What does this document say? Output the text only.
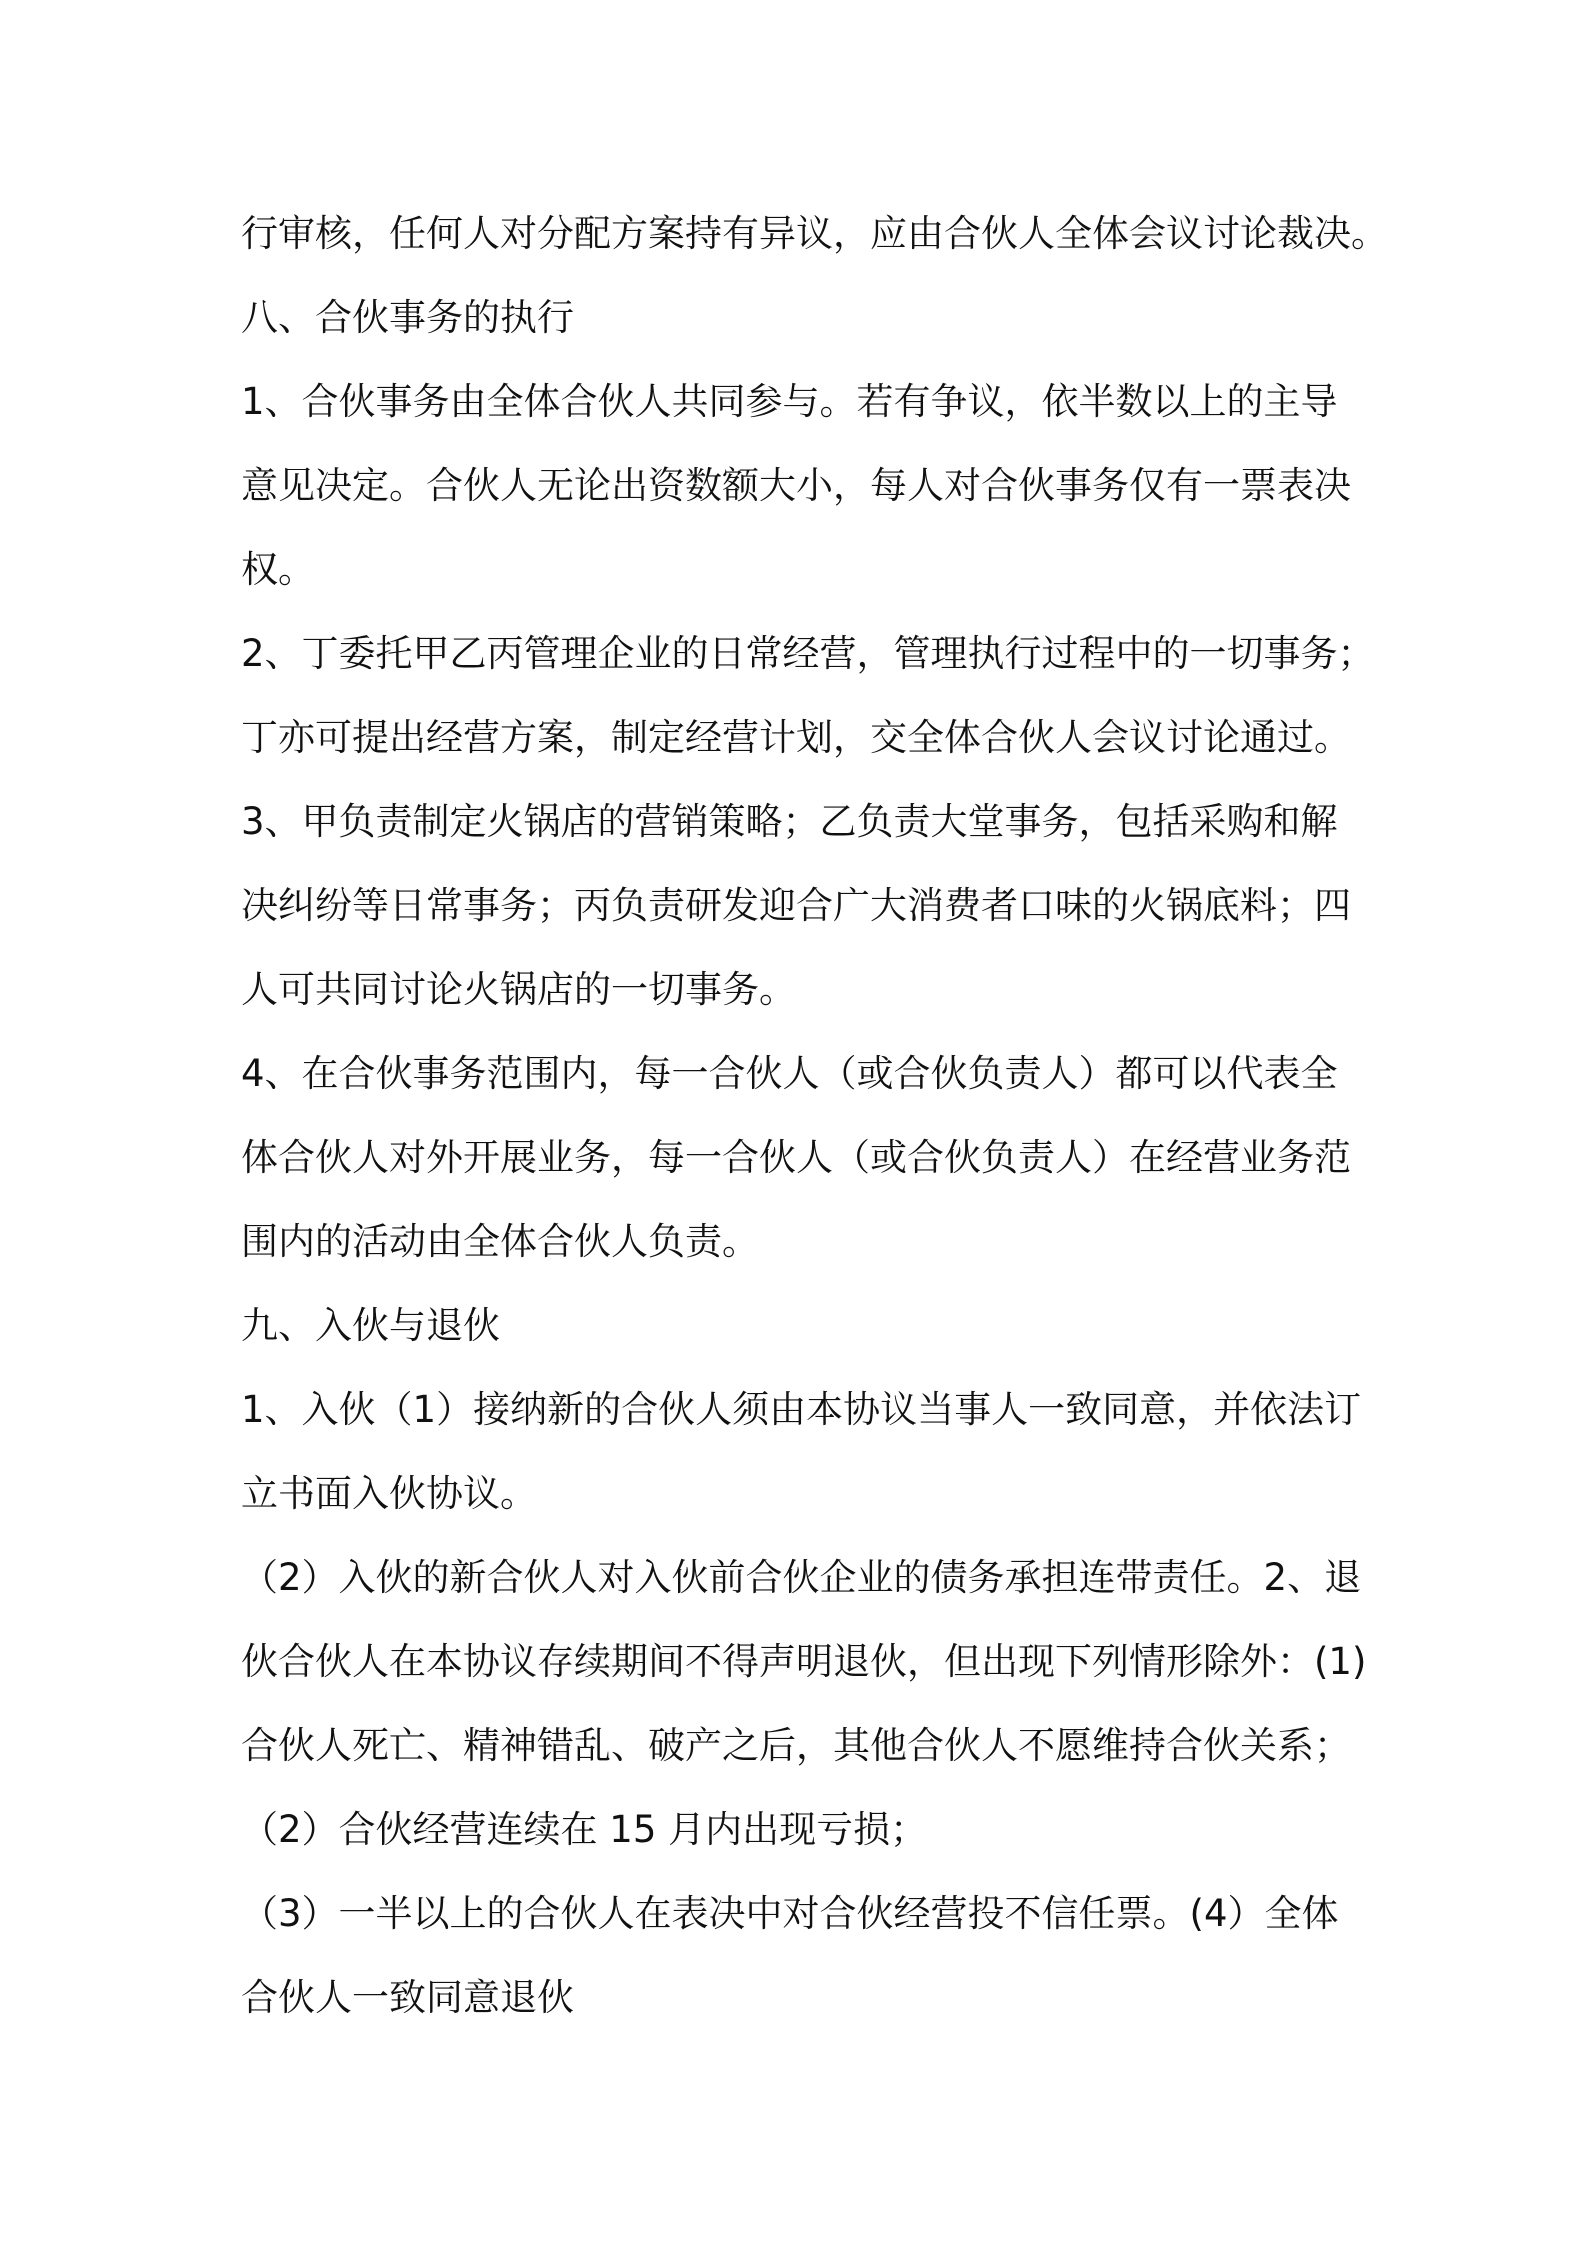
行审核，任何人对分配方案持有异议，应由合伙人全体会议讨论裁决。
八、合伙事务的执行
1、合伙事务由全体合伙人共同参与。若有争议，依半数以上的主导
意见决定。合伙人无论出资数额大小，每人对合伙事务仅有一票表决
权。
2、丁委托甲乙丙管理企业的日常经营，管理执行过程中的一切事务；
丁亦可提出经营方案，制定经营计划，交全体合伙人会议讨论通过。
3、甲负责制定火锅店的营销策略；乙负责大堂事务，包括采购和解
决纠纷等日常事务；丙负责研发迎合广大消费者口味的火锅底料；四
人可共同讨论火锅店的一切事务。
4、在合伙事务范围内，每一合伙人（或合伙负责人）都可以代表全
体合伙人对外开展业务，每一合伙人（或合伙负责人）在经营业务范
围内的活动由全体合伙人负责。
九、入伙与退伙
1、入伙（1）接纳新的合伙人须由本协议当事人一致同意，并依法订
立书面入伙协议。
（2）入伙的新合伙人对入伙前合伙企业的债务承担连带责任。2、退
伙合伙人在本协议存续期间不得声明退伙，但出现下列情形除外：(1)
合伙人死亡、精神错乱、破产之后，其他合伙人不愿维持合伙关系；
（2）合伙经营连续在 15 月内出现亏损；
（3）一半以上的合伙人在表决中对合伙经营投不信任票。(4）全体
合伙人一致同意退伙
